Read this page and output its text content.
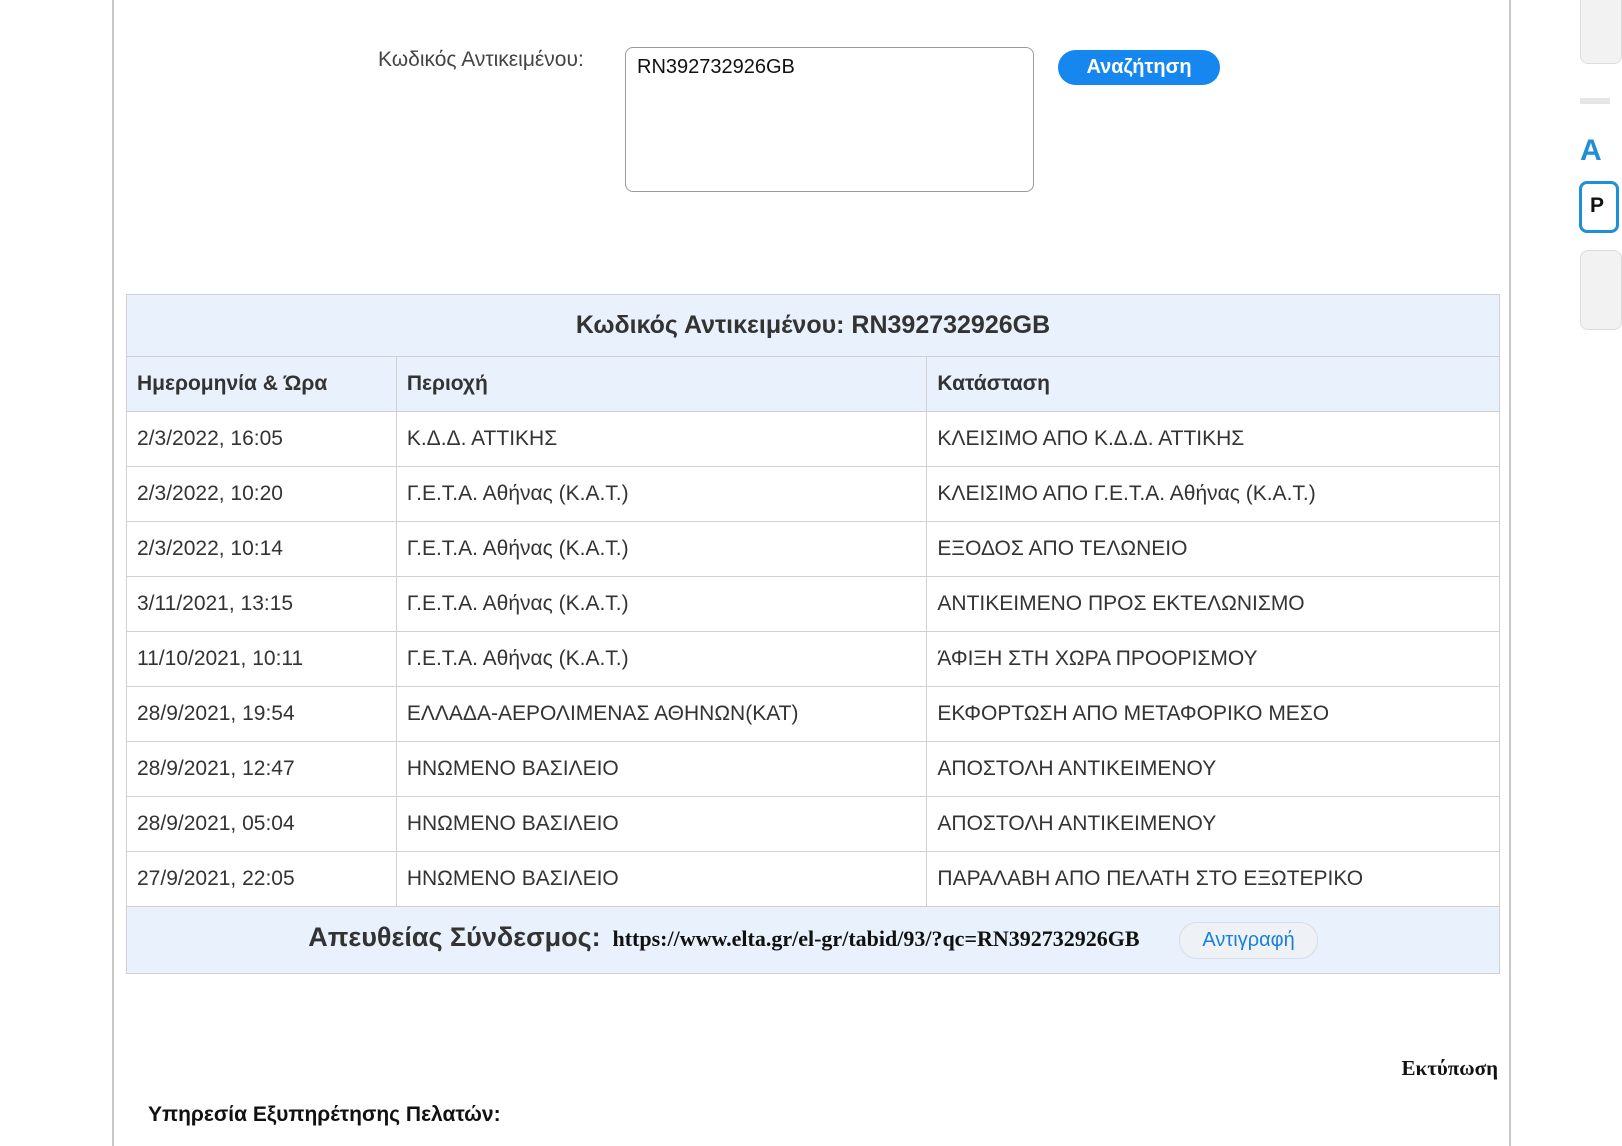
Κωδικός Αντικειμένου:
RN392732926GB	Αναζήτηση
Κωδικός Αντικειμένου: RN392732926GB		
Ημερομηνία & Ώρα	Περιοχή	Κατάσταση
2/3/2022, 16:05	Κ.Δ.Δ. ΑΤΤΙΚΗΣ	ΚΛΕΙΣΙΜΟ ΑΠΟ Κ.Δ.Δ. ΑΤΤΙΚΗΣ
2/3/2022, 10:20	Γ.Ε.Τ.Α. Αθήνας (Κ.Α.Τ.)	ΚΛΕΙΣΙΜΟ ΑΠΟ Γ.Ε.Τ.Α. Αθήνας (Κ.Α.Τ.)
2/3/2022, 10:14	Γ.Ε.Τ.Α. Αθήνας (Κ.Α.Τ.)	ΕΞΟΔΟΣ ΑΠΟ ΤΕΛΩΝΕΙΟ
3/11/2021, 13:15	Γ.Ε.Τ.Α. Αθήνας (Κ.Α.Τ.)	ΑΝΤΙΚΕΙΜΕΝΟ ΠΡΟΣ ΕΚΤΕΛΩΝΙΣΜΟ
11/10/2021, 10:11	Γ.Ε.Τ.Α. Αθήνας (Κ.Α.Τ.)	ΆΦΙΞΗ ΣΤΗ ΧΩΡΑ ΠΡΟΟΡΙΣΜΟΥ
28/9/2021, 19:54	ΕΛΛΑΔΑ-ΑΕΡΟΛΙΜΕΝΑΣ ΑΘΗΝΩΝ(ΚΑΤ)	ΕΚΦΟΡΤΩΣΗ ΑΠΟ ΜΕΤΑΦΟΡΙΚΟ ΜΕΣΟ
28/9/2021, 12:47	ΗΝΩΜΕΝΟ ΒΑΣΙΛΕΙΟ	ΑΠΟΣΤΟΛΗ ΑΝΤΙΚΕΙΜΕΝΟΥ
28/9/2021, 05:04	ΗΝΩΜΕΝΟ ΒΑΣΙΛΕΙΟ	ΑΠΟΣΤΟΛΗ ΑΝΤΙΚΕΙΜΕΝΟΥ
27/9/2021, 22:05	ΗΝΩΜΕΝΟ ΒΑΣΙΛΕΙΟ	ΠΑΡΑΛΑΒΗ ΑΠΟ ΠΕΛΑΤΗ ΣΤΟ ΕΞΩΤΕΡΙΚΟ
Απευθείας Σύνδεσμος: https://www.elta.gr/el-gr/tabid/93/?qc=RN392732926GB Αντιγραφή		
Εκτύπωση
Υπηρεσία Εξυπηρέτησης Πελατών:
Α
Ρ
